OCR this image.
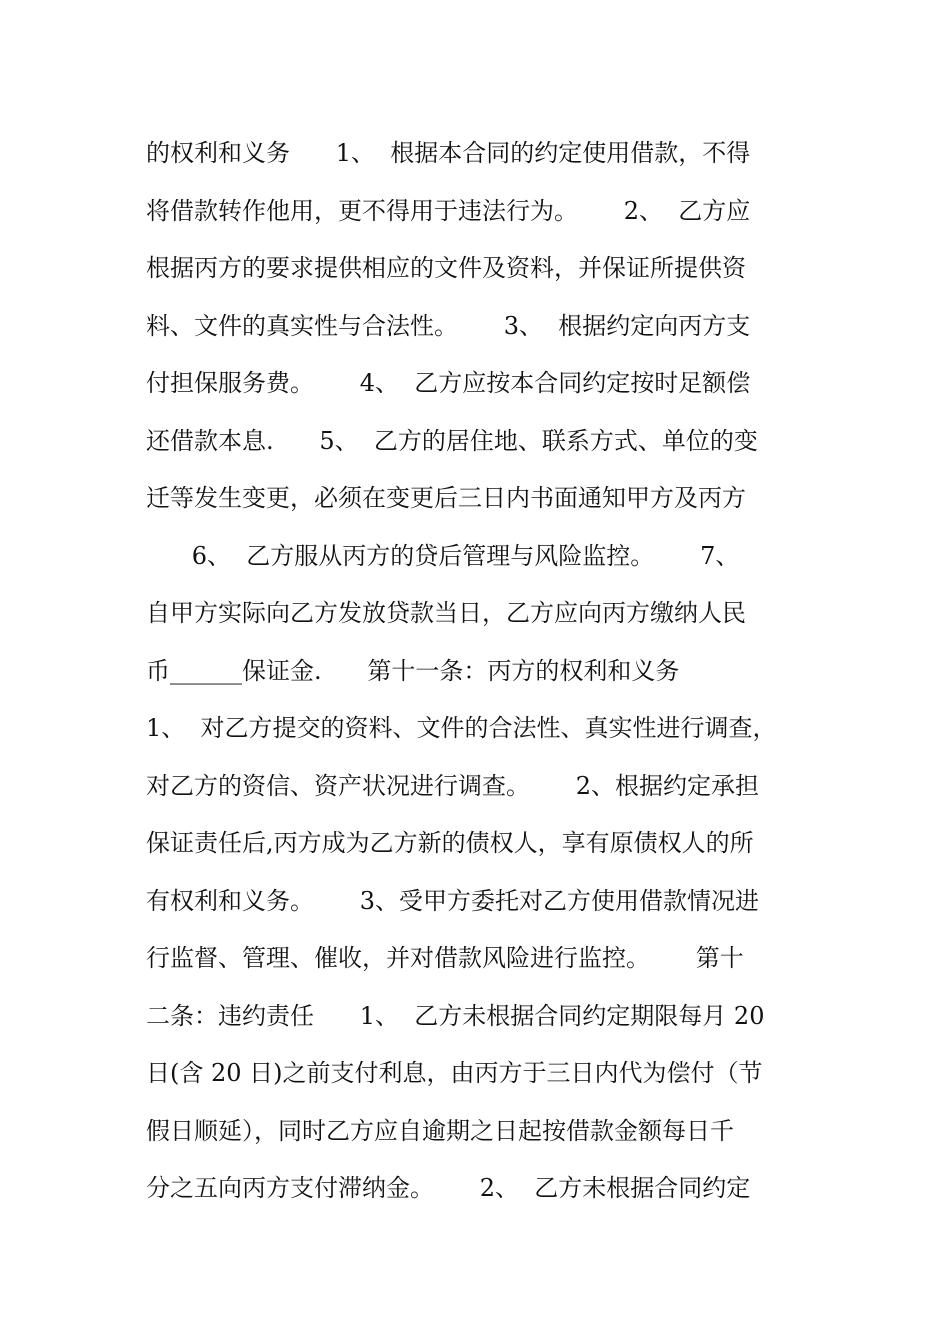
的权利和义务      1、  根据本合同的约定使用借款，不得
将借款转作他用，更不得用于违法行为。      2、  乙方应
根据丙方的要求提供相应的文件及资料，并保证所提供资
料、文件的真实性与合法性。      3、  根据约定向丙方支
付担保服务费。      4、  乙方应按本合同约定按时足额偿
还借款本息.      5、  乙方的居住地、联系方式、单位的变
迁等发生变更，必须在变更后三日内书面通知甲方及丙方
6、  乙方服从丙方的贷后管理与风险监控。      7、
自甲方实际向乙方发放贷款当日，乙方应向丙方缴纳人民
币______保证金.      第十一条：丙方的权利和义务
1、  对乙方提交的资料、文件的合法性、真实性进行调查，
对乙方的资信、资产状况进行调查。      2、根据约定承担
保证责任后,丙方成为乙方新的债权人，享有原债权人的所
有权利和义务。      3、受甲方委托对乙方使用借款情况进
行监督、管理、催收，并对借款风险进行监控。      第十
二条：违约责任      1、  乙方未根据合同约定期限每月 20
日(含 20 日)之前支付利息，由丙方于三日内代为偿付（节
假日顺延），同时乙方应自逾期之日起按借款金额每日千
分之五向丙方支付滞纳金。      2、  乙方未根据合同约定
